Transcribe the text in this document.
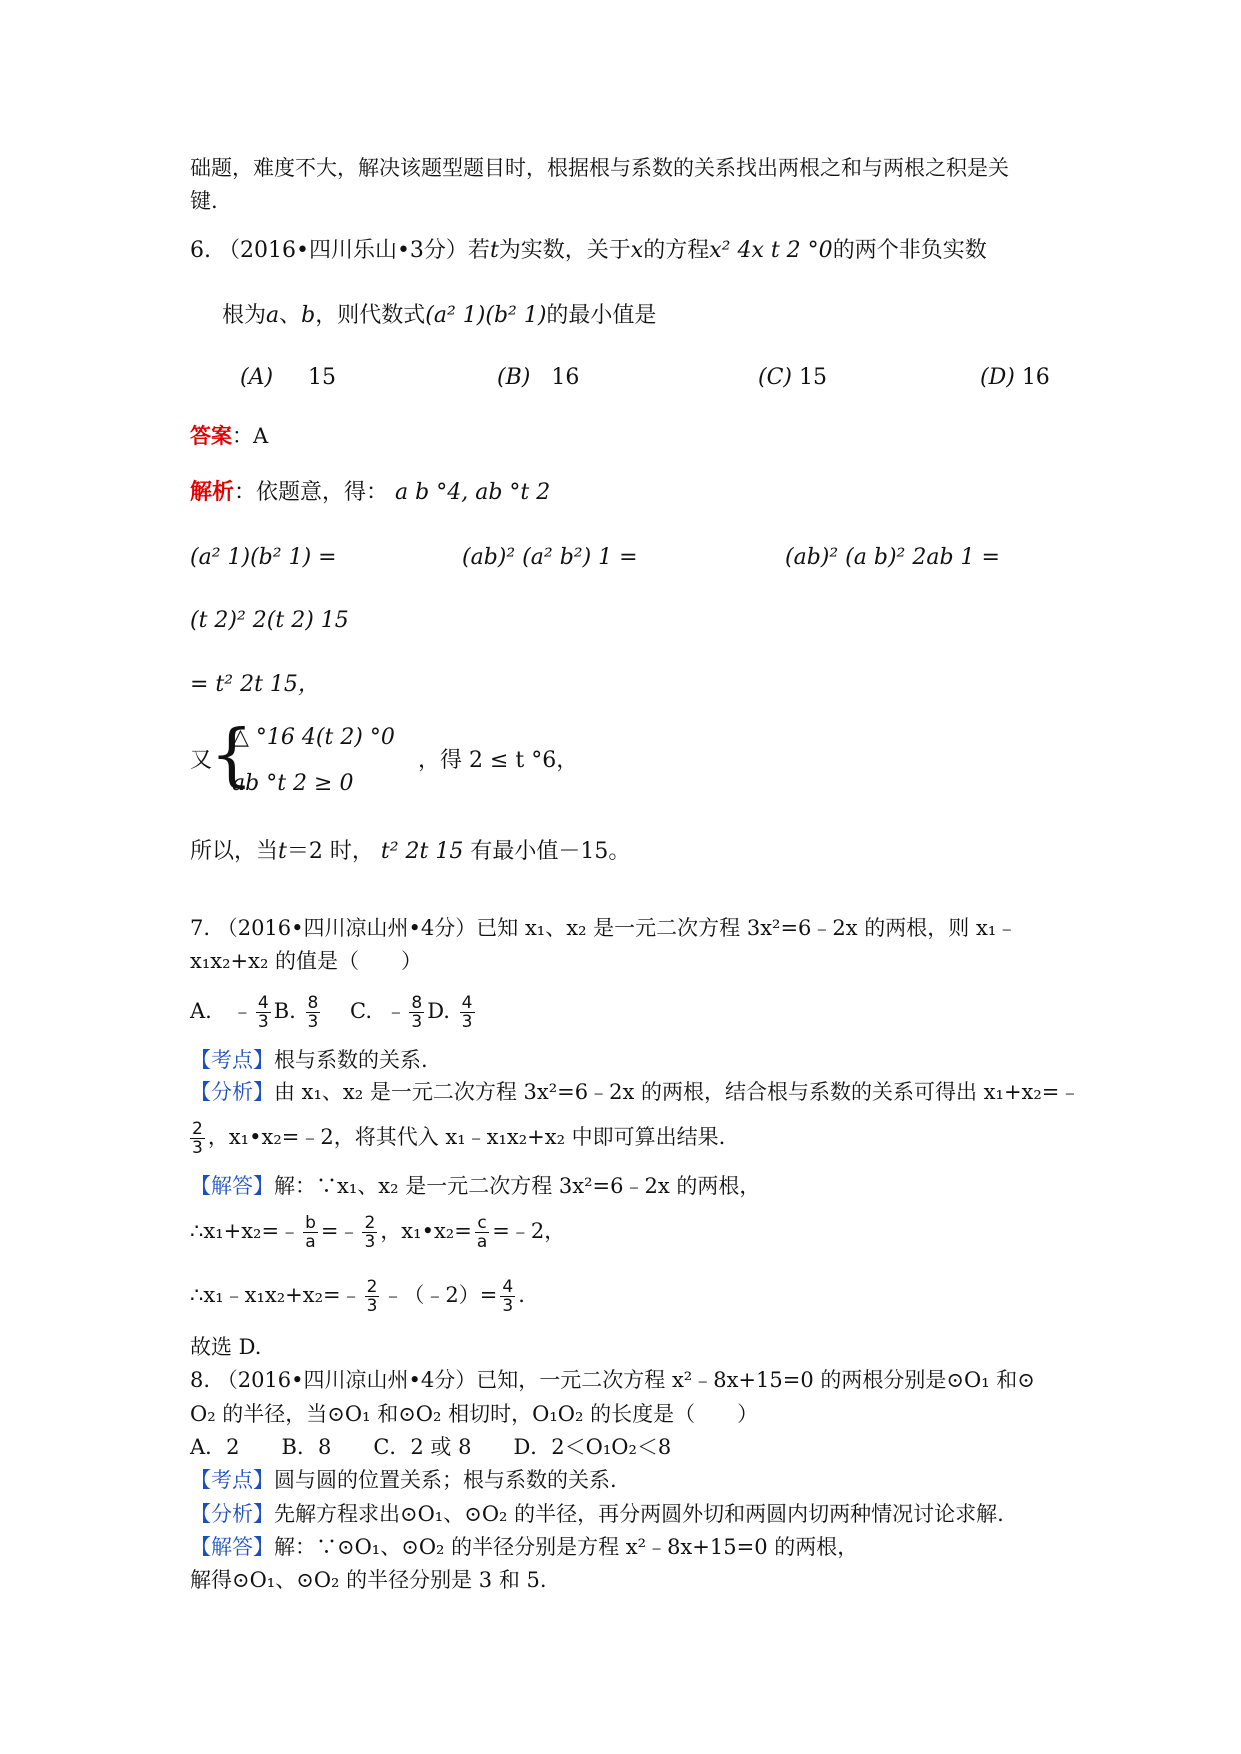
础题，难度不大，解决该题型题目时，根据根与系数的关系找出两根之和与两根之积是关
键.
6. （2016•四川乐山•3分）若t为实数，关于x的方程x² 4x t 2 °0的两个非负实数
根为a、b，则代数式(a² 1)(b² 1)的最小值是
(A) 15	(B) 16	(C) 15	(D) 16
答案：A
解析：依题意，得： a b °4, ab °t 2
(a² 1)(b² 1) =	(ab)² (a² b²) 1 =	(ab)² (a b)² 2ab 1 =
(t 2)² 2(t 2) 15
= t² 2t 15，
又
{
△ °16 4(t 2) °0
ab °t 2 ≥ 0
，得 2 ≤ t °6，
所以，当t＝2 时， t² 2t 15 有最小值－15。
7. （2016•四川凉山州•4分）已知 x₁、x₂ 是一元二次方程 3x²=6﹣2x 的两根，则 x₁﹣
x₁x₂+x₂ 的值是（　　）
A. ﹣ $\frac{4}{3} B$. $\frac{8}{3} C$. ﹣ $\frac{8}{3} D$. $\frac{4}{3}$
【考点】根与系数的关系.
【分析】由 x₁、x₂ 是一元二次方程 3x²=6﹣2x 的两根，结合根与系数的关系可得出 x₁+x₂=﹣
$\frac{2}{3}$ ，x₁•x₂=﹣2，将其代入 x₁﹣x₁x₂+x₂ 中即可算出结果.
【解答】解：∵x₁、x₂ 是一元二次方程 3x²=6﹣2x 的两根，
∴x₁+x₂=﹣ $\frac{b}{a}$ =﹣ $\frac{2}{3}$ ，x₁•x₂= $\frac{c}{a}$ =﹣2，
∴x₁﹣x₁x₂+x₂=﹣ $\frac{2}{3}$ ﹣（﹣2）= $\frac{4}{3}$ .
故选 D.
8. （2016•四川凉山州•4分）已知，一元二次方程 x²﹣8x+15=0 的两根分别是⊙O₁ 和⊙
O₂ 的半径，当⊙O₁ 和⊙O₂ 相切时，O₁O₂ 的长度是（　　）
A．2　　B．8　　C．2 或 8　　D．2＜O₁O₂＜8
【考点】圆与圆的位置关系；根与系数的关系.
【分析】先解方程求出⊙O₁、⊙O₂ 的半径，再分两圆外切和两圆内切两种情况讨论求解.
【解答】解：∵⊙O₁、⊙O₂ 的半径分别是方程 x²﹣8x+15=0 的两根，
解得⊙O₁、⊙O₂ 的半径分别是 3 和 5.
